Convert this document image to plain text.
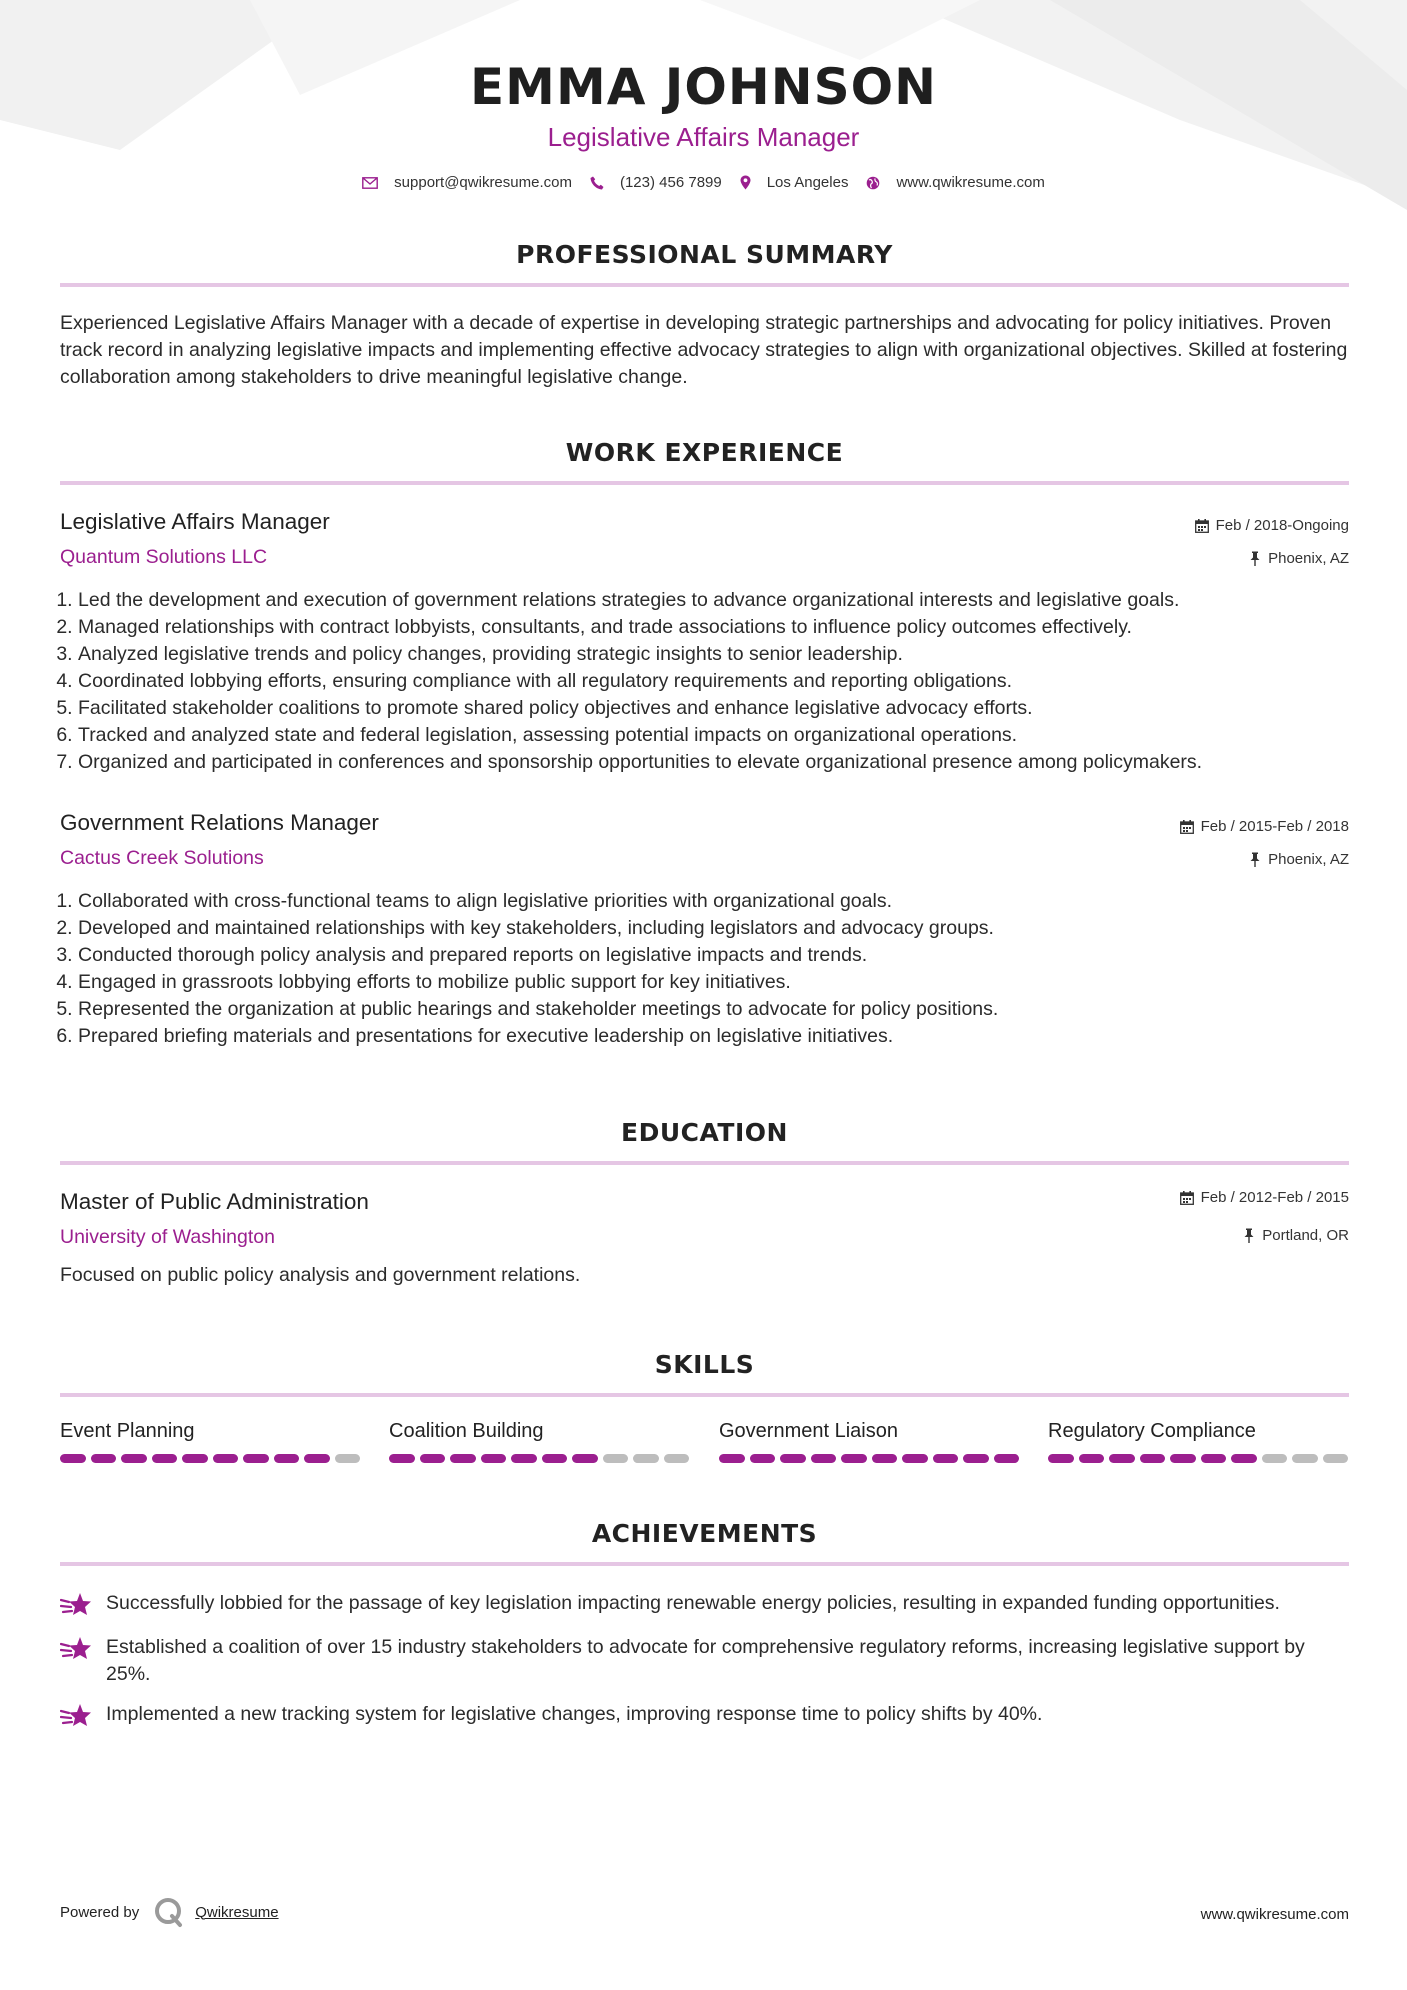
EMMA JOHNSON
Legislative Affairs Manager
support@qwikresume.com	(123) 456 7899	Los Angeles	www.qwikresume.com
PROFESSIONAL SUMMARY
Experienced Legislative Affairs Manager with a decade of expertise in developing strategic partnerships and advocating for policy initiatives. Proven track record in analyzing legislative impacts and implementing effective advocacy strategies to align with organizational objectives. Skilled at fostering collaboration among stakeholders to drive meaningful legislative change.
WORK EXPERIENCE
Legislative Affairs Manager
Quantum Solutions LLC
Feb / 2018-Ongoing
Phoenix, AZ
1. Led the development and execution of government relations strategies to advance organizational interests and legislative goals.
2. Managed relationships with contract lobbyists, consultants, and trade associations to influence policy outcomes effectively.
3. Analyzed legislative trends and policy changes, providing strategic insights to senior leadership.
4. Coordinated lobbying efforts, ensuring compliance with all regulatory requirements and reporting obligations.
5. Facilitated stakeholder coalitions to promote shared policy objectives and enhance legislative advocacy efforts.
6. Tracked and analyzed state and federal legislation, assessing potential impacts on organizational operations.
7. Organized and participated in conferences and sponsorship opportunities to elevate organizational presence among policymakers.
Government Relations Manager
Cactus Creek Solutions
Feb / 2015-Feb / 2018
Phoenix, AZ
1. Collaborated with cross-functional teams to align legislative priorities with organizational goals.
2. Developed and maintained relationships with key stakeholders, including legislators and advocacy groups.
3. Conducted thorough policy analysis and prepared reports on legislative impacts and trends.
4. Engaged in grassroots lobbying efforts to mobilize public support for key initiatives.
5. Represented the organization at public hearings and stakeholder meetings to advocate for policy positions.
6. Prepared briefing materials and presentations for executive leadership on legislative initiatives.
EDUCATION
Master of Public Administration
University of Washington
Feb / 2012-Feb / 2015
Portland, OR
Focused on public policy analysis and government relations.
SKILLS
Event Planning	Coalition Building	Government Liaison	Regulatory Compliance
ACHIEVEMENTS
Successfully lobbied for the passage of key legislation impacting renewable energy policies, resulting in expanded funding opportunities.
Established a coalition of over 15 industry stakeholders to advocate for comprehensive regulatory reforms, increasing legislative support by 25%.
Implemented a new tracking system for legislative changes, improving response time to policy shifts by 40%.
Powered by	Qwikresume	www.qwikresume.com
